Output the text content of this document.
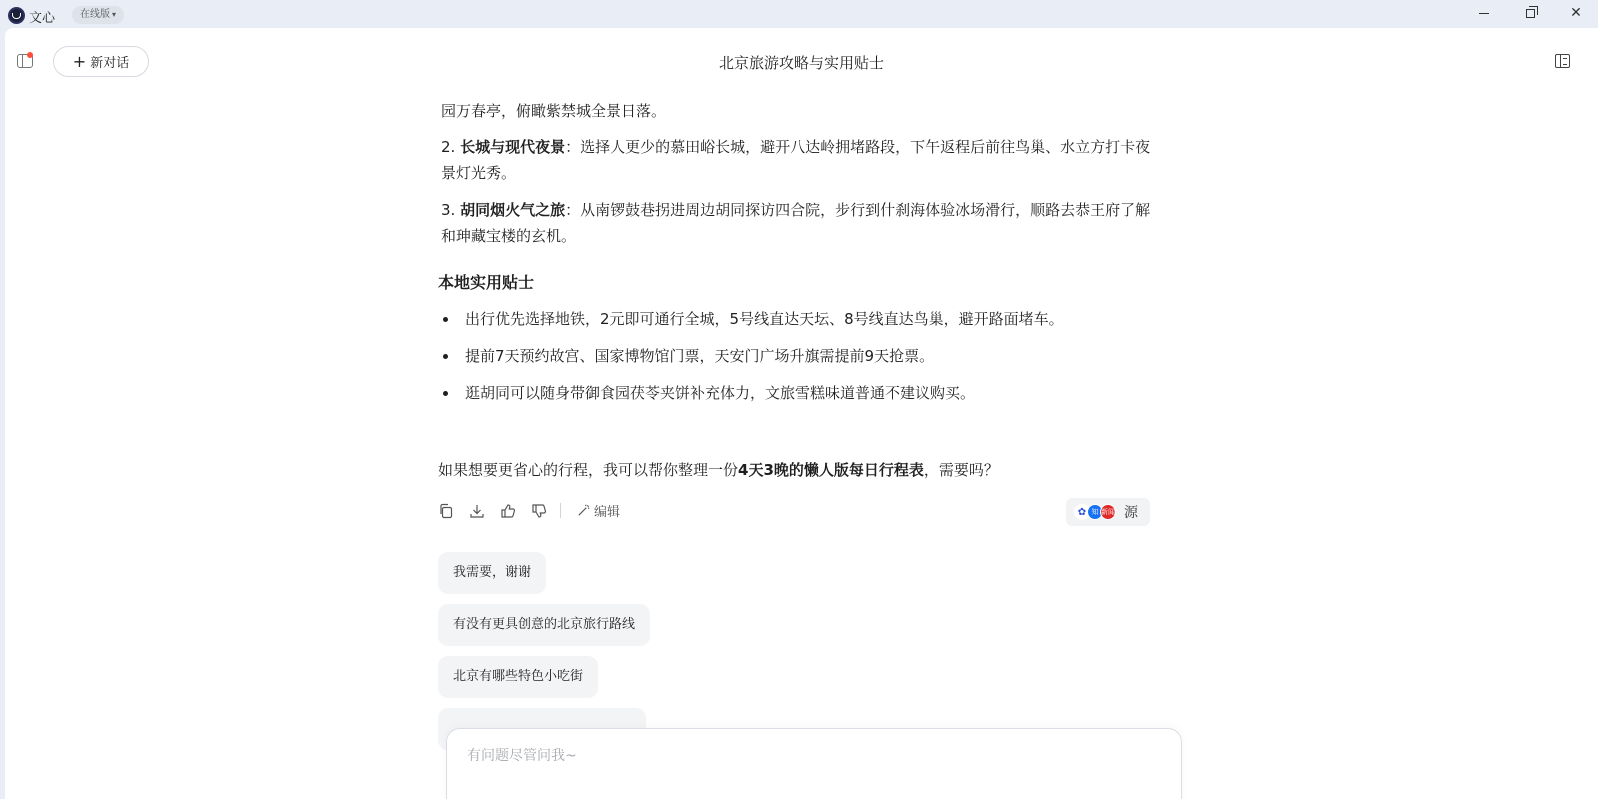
文心	在线版 ▾	✕
+ 新对话	北京旅游攻略与实用贴士
园万春亭，俯瞰紫禁城全景日落。
2. 长城与现代夜景：选择人更少的慕田峪长城，避开八达岭拥堵路段，下午返程后前往鸟巢、水立方打卡夜景灯光秀。
3. 胡同烟火气之旅：从南锣鼓巷拐进周边胡同探访四合院，步行到什刹海体验冰场滑行，顺路去恭王府了解和珅藏宝楼的玄机。
本地实用贴士
出行优先选择地铁，2元即可通行全城，5号线直达天坛、8号线直达鸟巢，避开路面堵车。
提前7天预约故宫、国家博物馆门票，天安门广场升旗需提前9天抢票。
逛胡同可以随身带御食园茯苓夹饼补充体力，文旅雪糕味道普通不建议购买。
如果想要更省心的行程，我可以帮你整理一份4天3晚的懒人版每日行程表，需要吗？
编辑	✿ 知 新闻 源
我需要，谢谢
有没有更具创意的北京旅行路线
北京有哪些特色小吃街
有问题尽管问我~
